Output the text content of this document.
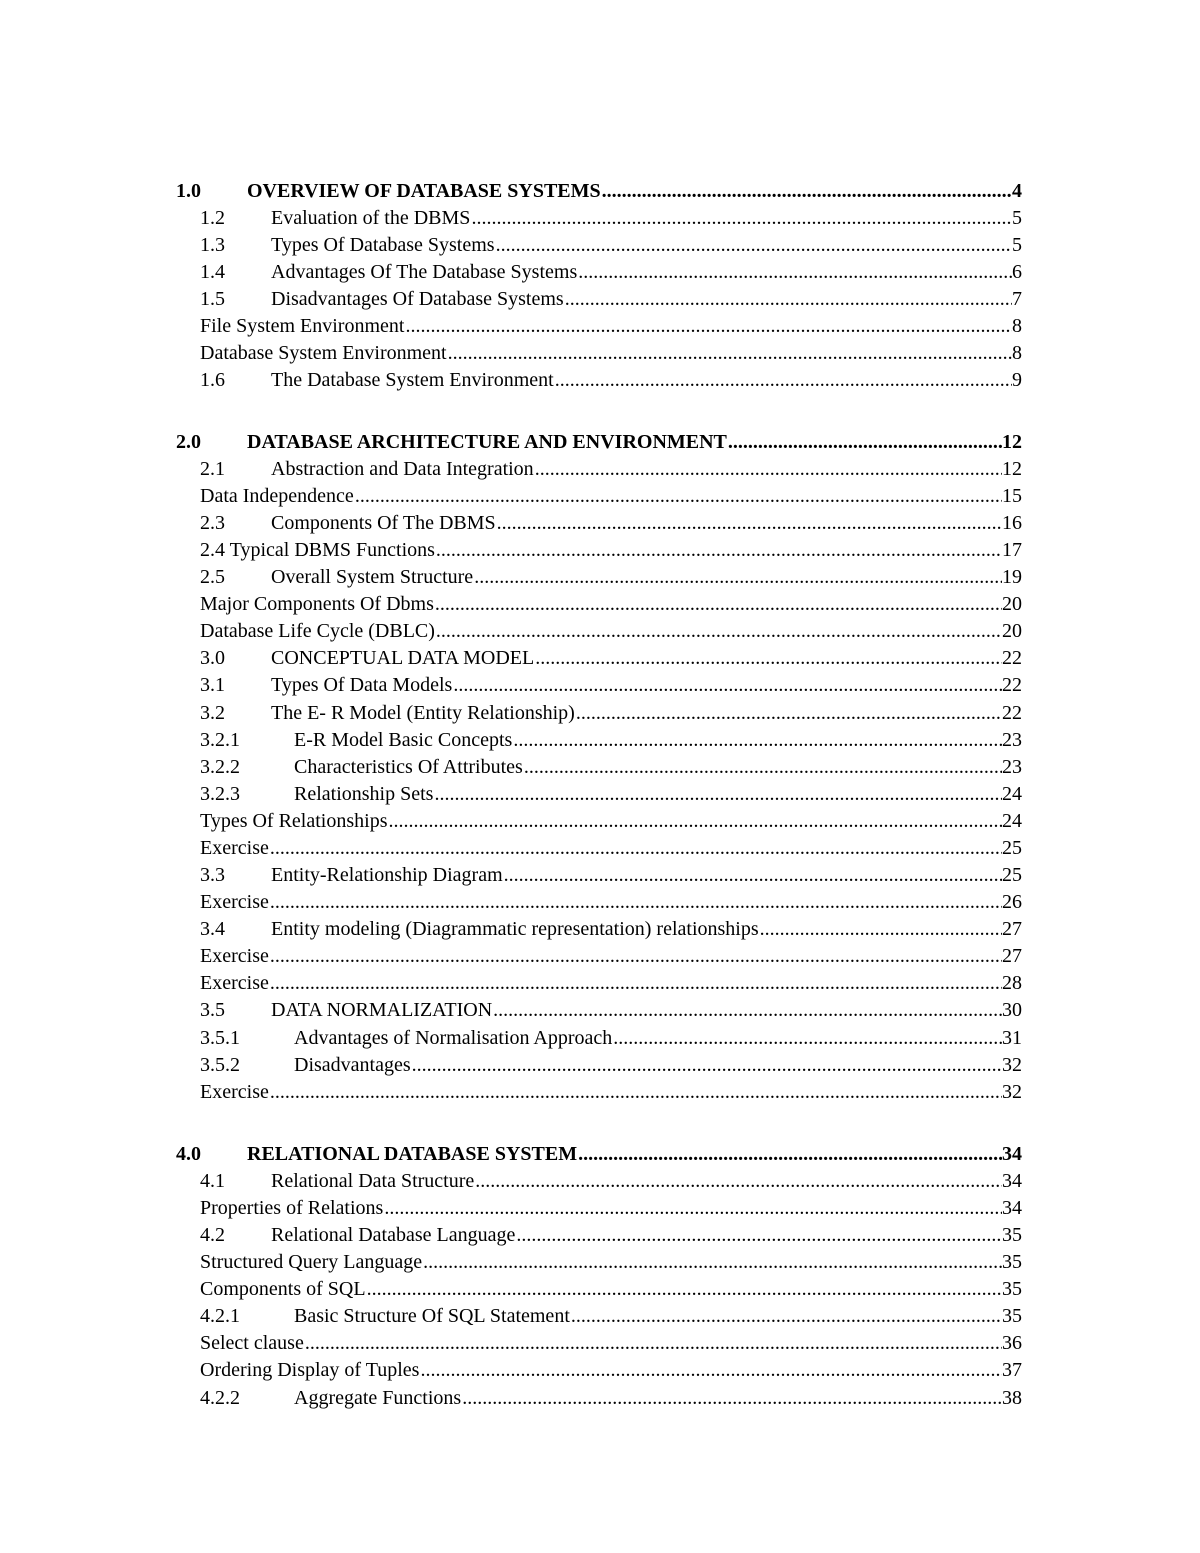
1.0	OVERVIEW OF DATABASE SYSTEMS .....	4
1.2	Evaluation of the DBMS .....	5
1.3	Types Of Database Systems .....	5
1.4	Advantages Of The Database Systems .....	6
1.5	Disadvantages Of Database Systems .....	7
File System Environment .....	8
Database System Environment .....	8
1.6	The Database System Environment .....	9
2.0	DATABASE ARCHITECTURE AND ENVIRONMENT .....	12
2.1	Abstraction and Data Integration .....	12
Data Independence .....	15
2.3	Components Of The DBMS .....	16
2.4 Typical DBMS Functions .....	17
2.5	Overall System Structure .....	19
Major Components Of Dbms .....	20
Database Life Cycle (DBLC) .....	20
3.0	CONCEPTUAL DATA MODEL .....	22
3.1	Types Of Data Models .....	22
3.2	The E- R Model (Entity Relationship) .....	22
3.2.1	E-R Model Basic Concepts .....	23
3.2.2	Characteristics Of Attributes .....	23
3.2.3	Relationship Sets .....	24
Types Of Relationships .....	24
Exercise .....	25
3.3	Entity-Relationship Diagram .....	25
Exercise .....	26
3.4	Entity modeling (Diagrammatic representation) relationships .....	27
Exercise .....	27
Exercise .....	28
3.5	DATA NORMALIZATION .....	30
3.5.1	Advantages of Normalisation Approach .....	31
3.5.2	Disadvantages .....	32
Exercise .....	32
4.0	RELATIONAL DATABASE SYSTEM .....	34
4.1	Relational Data Structure .....	34
Properties of Relations .....	34
4.2	Relational Database Language .....	35
Structured Query Language .....	35
Components of SQL .....	35
4.2.1	Basic Structure Of SQL Statement .....	35
Select clause .....	36
Ordering Display of Tuples .....	37
4.2.2	Aggregate Functions .....	38
